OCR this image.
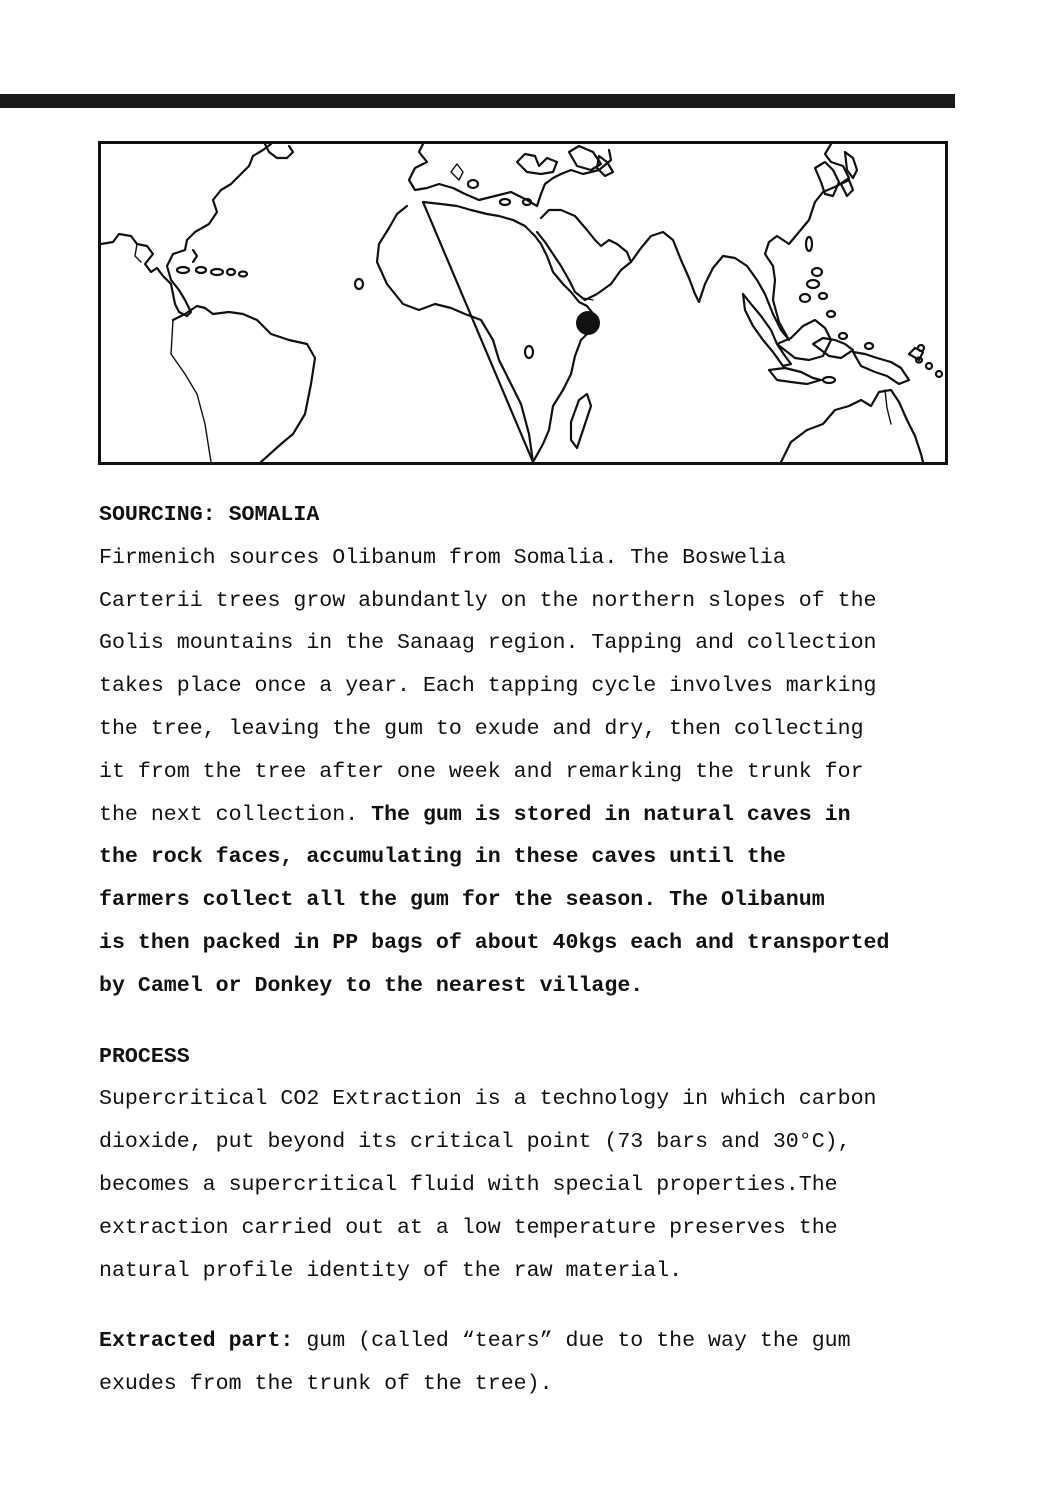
SOURCING: SOMALIA

Firmenich sources Olibanum from Somalia. The Boswelia
Carterii trees grow abundantly on the northern slopes of the
Golis mountains in the Sanaag region. Tapping and collection
takes place once a year. Each tapping cycle involves marking
the tree, leaving the gum to exude and dry, then collecting
it from the tree after one week and remarking the trunk for
the next collection. The gum is stored in natural caves in
the rock faces, accumulating in these caves until the
farmers collect all the gum for the season. The Olibanum
is then packed in PP bags of about 40kgs each and transported
by Camel or Donkey to the nearest village.

PROCESS

Supercritical CO2 Extraction is a technology in which carbon
dioxide, put beyond its critical point (73 bars and 30°C),
becomes a supercritical fluid with special properties.The
extraction carried out at a low temperature preserves the
natural profile identity of the raw material.

Extracted part: gum (called “tears” due to the way the gum
exudes from the trunk of the tree).
